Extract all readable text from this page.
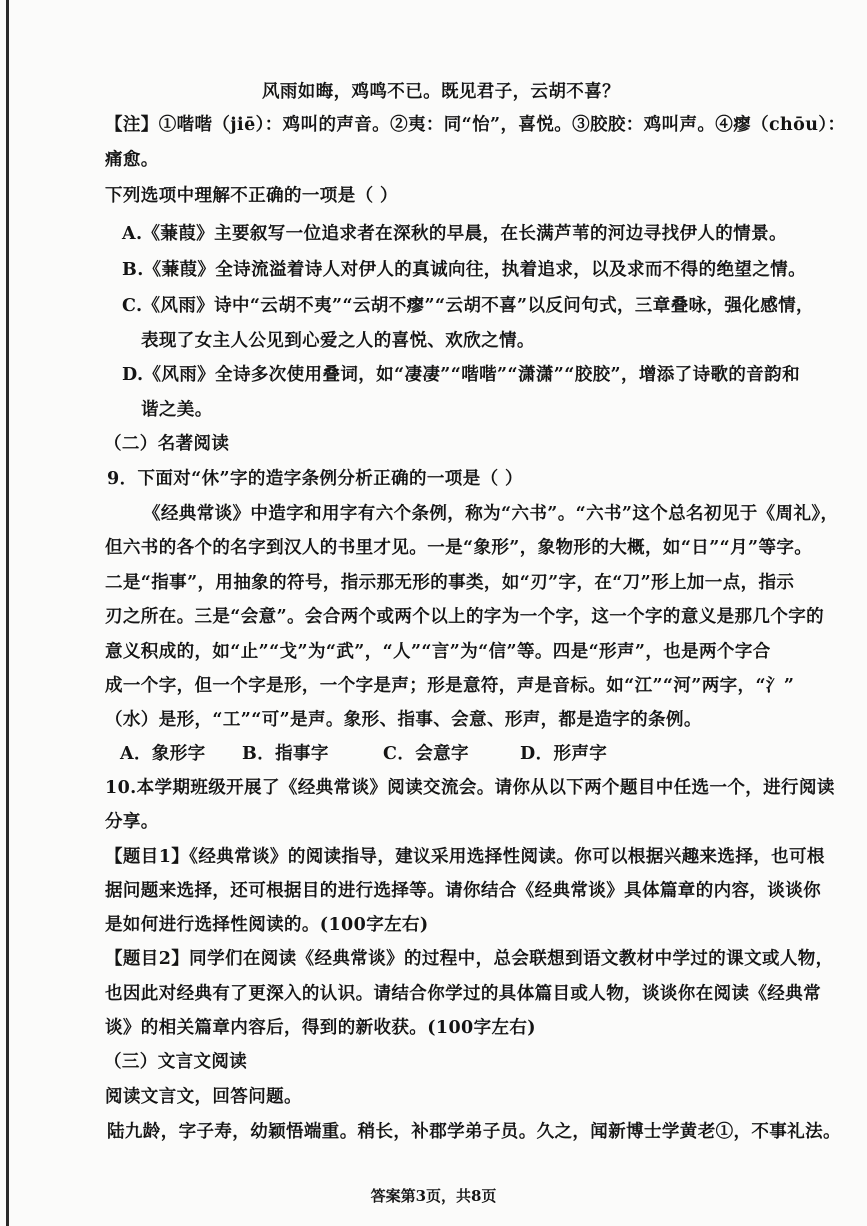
风雨如晦，鸡鸣不已。既见君子，云胡不喜？
【注】①喈喈（jiē）：鸡叫的声音。②夷：同“怡”，喜悦。③胶胶：鸡叫声。④瘳（chōu）：
痛愈。
下列选项中理解不正确的一项是（ ）
A.《蒹葭》主要叙写一位追求者在深秋的早晨，在长满芦苇的河边寻找伊人的情景。
B.《蒹葭》全诗流溢着诗人对伊人的真诚向往，执着追求，以及求而不得的绝望之情。
C.《风雨》诗中“云胡不夷”“云胡不瘳”“云胡不喜”以反问句式，三章叠咏，强化感情，
表现了女主人公见到心爱之人的喜悦、欢欣之情。
D.《风雨》全诗多次使用叠词，如“凄凄”“喈喈”“潇潇”“胶胶”，增添了诗歌的音韵和
谐之美。
（二）名著阅读
9．下面对“休”字的造字条例分析正确的一项是（ ）
《经典常谈》中造字和用字有六个条例，称为“六书”。“六书”这个总名初见于《周礼》，
但六书的各个的名字到汉人的书里才见。一是“象形”，象物形的大概，如“日”“月”等字。
二是“指事”，用抽象的符号，指示那无形的事类，如“刃”字，在“刀”形上加一点，指示
刃之所在。三是“会意”。会合两个或两个以上的字为一个字，这一个字的意义是那几个字的
意义积成的，如“止”“戈”为“武”，“人”“言”为“信”等。四是“形声”，也是两个字合
成一个字，但一个字是形，一个字是声；形是意符，声是音标。如“江”“河”两字，“氵”
（水）是形，“工”“可”是声。象形、指事、会意、形声，都是造字的条例。
A．象形字 B．指事字	C．会意字	D．形声字
10.本学期班级开展了《经典常谈》阅读交流会。请你从以下两个题目中任选一个，进行阅读
分享。
【题目1】《经典常谈》的阅读指导，建议采用选择性阅读。你可以根据兴趣来选择，也可根
据问题来选择，还可根据目的进行选择等。请你结合《经典常谈》具体篇章的内容，谈谈你
是如何进行选择性阅读的。(100字左右)
【题目2】同学们在阅读《经典常谈》的过程中，总会联想到语文教材中学过的课文或人物，
也因此对经典有了更深入的认识。请结合你学过的具体篇目或人物，谈谈你在阅读《经典常
谈》的相关篇章内容后，得到的新收获。(100字左右)
（三）文言文阅读
阅读文言文，回答问题。
陆九龄，字子寿，幼颖悟端重。稍长，补郡学弟子员。久之，闻新博士学黄老①，不事礼法。
答案第3页，共8页
